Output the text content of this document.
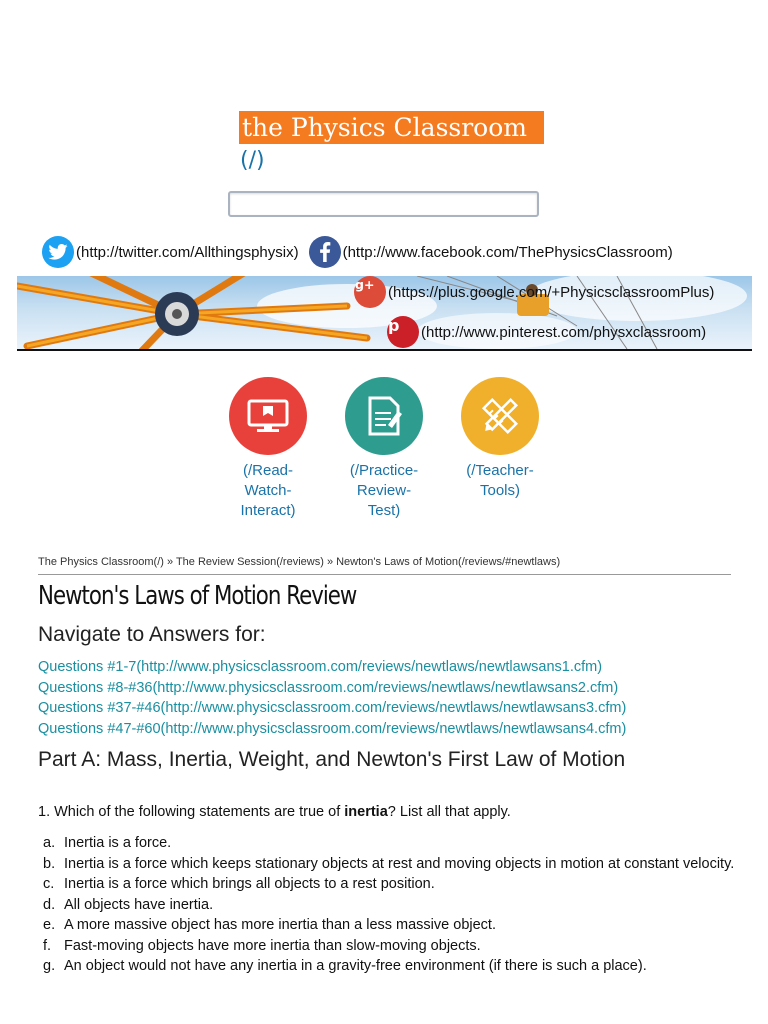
the Physics Classroom
(/)
(http://twitter.com/Allthingsphysix)	(http://www.facebook.com/ThePhysicsClassroom)
g+ (https://plus.google.com/+PhysicsclassroomPlus)
p (http://www.pinterest.com/physxclassroom)
(/Read-
Watch-
Interact)
(/Practice-
Review-
Test)
(/Teacher-
Tools)
The Physics Classroom(/) » The Review Session(/reviews) » Newton's Laws of Motion(/reviews/#newtlaws)
Newton's Laws of Motion Review
Navigate to Answers for:
Questions #1-7(http://www.physicsclassroom.com/reviews/newtlaws/newtlawsans1.cfm)
Questions #8-#36(http://www.physicsclassroom.com/reviews/newtlaws/newtlawsans2.cfm)
Questions #37-#46(http://www.physicsclassroom.com/reviews/newtlaws/newtlawsans3.cfm)
Questions #47-#60(http://www.physicsclassroom.com/reviews/newtlaws/newtlawsans4.cfm)
Part A: Mass, Inertia, Weight, and Newton's First Law of Motion
1. Which of the following statements are true of inertia? List all that apply.
a. Inertia is a force.
b. Inertia is a force which keeps stationary objects at rest and moving objects in motion at constant velocity.
c. Inertia is a force which brings all objects to a rest position.
d. All objects have inertia.
e. A more massive object has more inertia than a less massive object.
f. Fast-moving objects have more inertia than slow-moving objects.
g. An object would not have any inertia in a gravity-free environment (if there is such a place).
